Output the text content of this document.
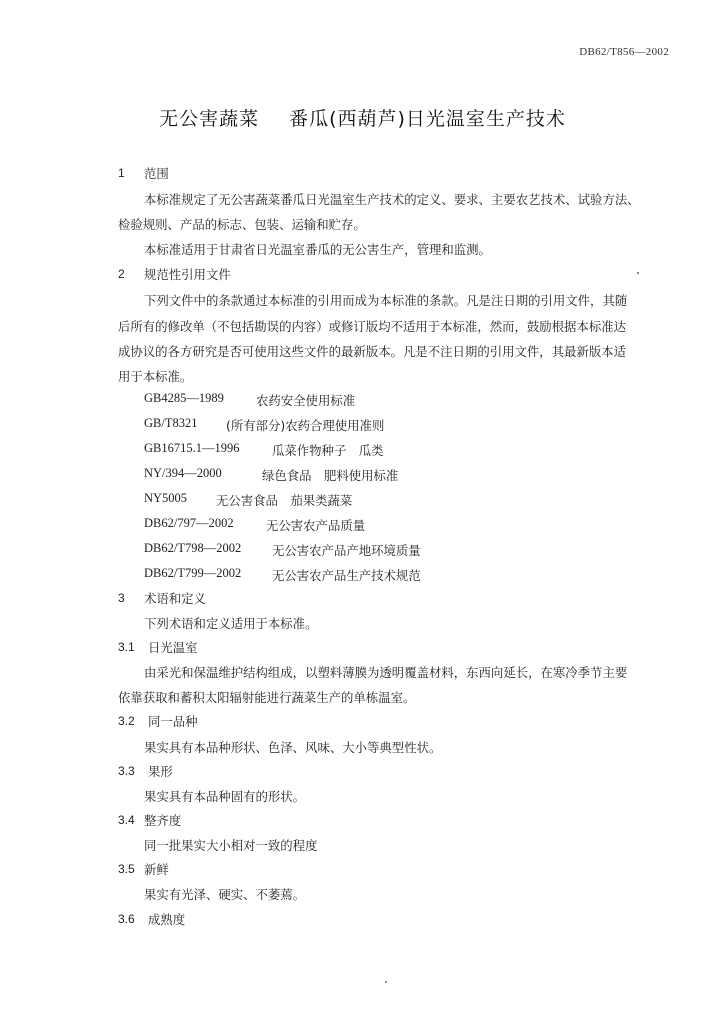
DB62/T856—2002
无公害蔬菜 番瓜(西葫芦)日光温室生产技术
1 范围
本标准规定了无公害蔬菜番瓜日光温室生产技术的定义、要求、主要农艺技术、试验方法、
检验规则、产品的标志、包装、运输和贮存。
本标准适用于甘肃省日光温室番瓜的无公害生产，管理和监测。
2 规范性引用文件
下列文件中的条款通过本标准的引用而成为本标准的条款。凡是注日期的引用文件，其随
后所有的修改单（不包括勘误的内容）或修订版均不适用于本标准，然而，鼓励根据本标准达
成协议的各方研究是否可使用这些文件的最新版本。凡是不注日期的引用文件，其最新版本适
用于本标准。
GB4285—1989	农药安全使用标准
GB/T8321 (所有部分)农药合理使用准则
GB16715.1—1996	瓜菜作物种子　瓜类
NY/394—2000	绿色食品　肥料使用标准
NY5005 无公害食品　茄果类蔬菜
DB62/797—2002	无公害农产品质量
DB62/T798—2002 无公害农产品产地环境质量
DB62/T799—2002 无公害农产品生产技术规范
3 术语和定义
下列术语和定义适用于本标准。
3.1 日光温室
由采光和保温维护结构组成，以塑料薄膜为透明覆盖材料，东西向延长，在寒冷季节主要
依靠获取和蓄积太阳辐射能进行蔬菜生产的单栋温室。
3.2 同一品种
果实具有本品种形状、色泽、风味、大小等典型性状。
3.3 果形
果实具有本品种固有的形状。
3.4 整齐度
同一批果实大小相对一致的程度
3.5 新鲜
果实有光泽、硬实、不萎蔫。
3.6 成熟度
